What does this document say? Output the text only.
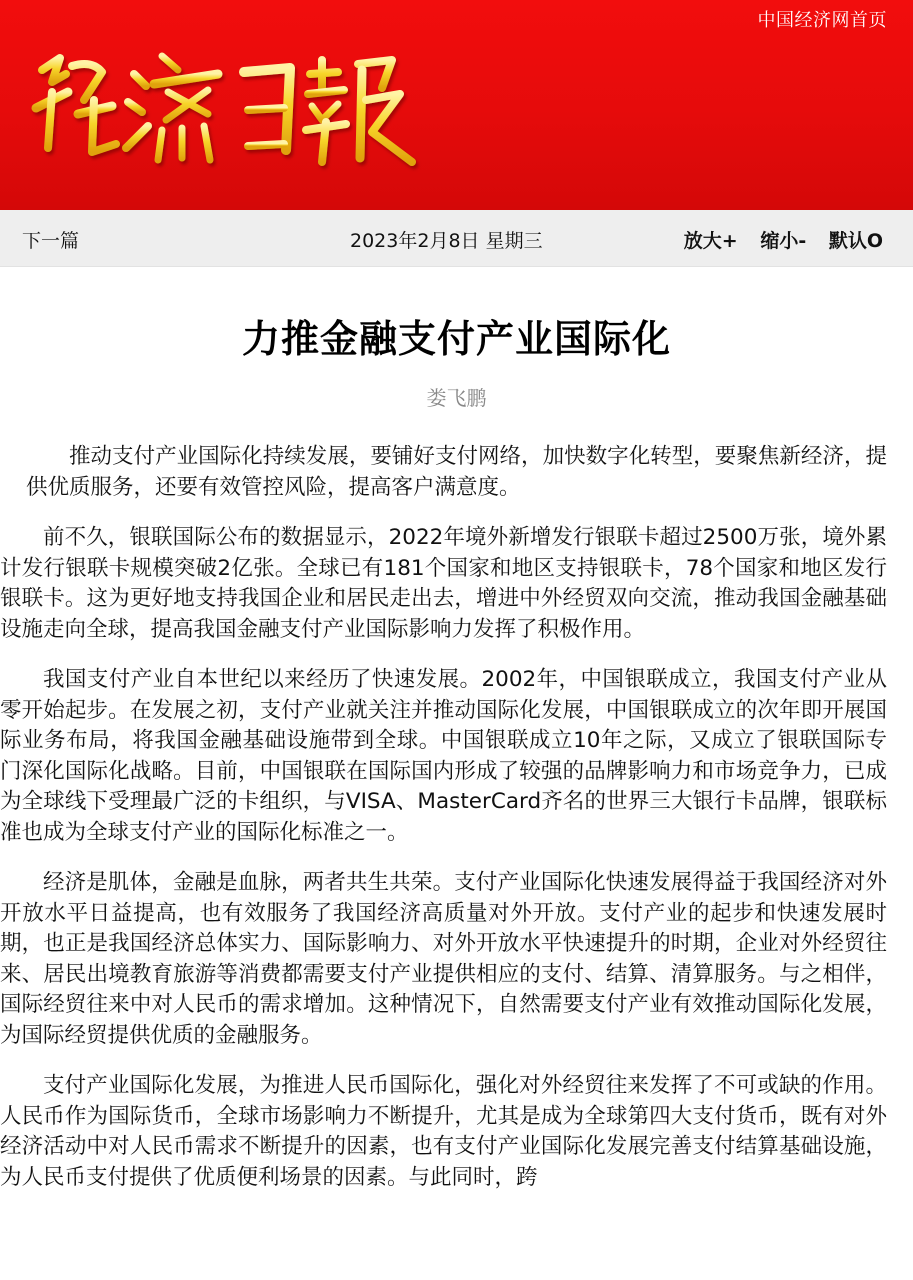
中国经济网首页
下一篇	2023年2月8日 星期三	放大+ 缩小- 默认O
力推金融支付产业国际化
娄飞鹏

推动支付产业国际化持续发展，要铺好支付网络，加快数字化转型，要聚焦新经济，提供优质服务，还要有效管控风险，提高客户满意度。

前不久，银联国际公布的数据显示，2022年境外新增发行银联卡超过2500万张，境外累计发行银联卡规模突破2亿张。全球已有181个国家和地区支持银联卡，78个国家和地区发行银联卡。这为更好地支持我国企业和居民走出去，增进中外经贸双向交流，推动我国金融基础设施走向全球，提高我国金融支付产业国际影响力发挥了积极作用。

我国支付产业自本世纪以来经历了快速发展。2002年，中国银联成立，我国支付产业从零开始起步。在发展之初，支付产业就关注并推动国际化发展，中国银联成立的次年即开展国际业务布局，将我国金融基础设施带到全球。中国银联成立10年之际，又成立了银联国际专门深化国际化战略。目前，中国银联在国际国内形成了较强的品牌影响力和市场竞争力，已成为全球线下受理最广泛的卡组织，与VISA、MasterCard齐名的世界三大银行卡品牌，银联标准也成为全球支付产业的国际化标准之一。

经济是肌体，金融是血脉，两者共生共荣。支付产业国际化快速发展得益于我国经济对外开放水平日益提高，也有效服务了我国经济高质量对外开放。支付产业的起步和快速发展时期，也正是我国经济总体实力、国际影响力、对外开放水平快速提升的时期，企业对外经贸往来、居民出境教育旅游等消费都需要支付产业提供相应的支付、结算、清算服务。与之相伴，国际经贸往来中对人民币的需求增加。这种情况下，自然需要支付产业有效推动国际化发展，为国际经贸提供优质的金融服务。

支付产业国际化发展，为推进人民币国际化，强化对外经贸往来发挥了不可或缺的作用。人民币作为国际货币，全球市场影响力不断提升，尤其是成为全球第四大支付货币，既有对外经济活动中对人民币需求不断提升的因素，也有支付产业国际化发展完善支付结算基础设施，为人民币支付提供了优质便利场景的因素。与此同时，跨
